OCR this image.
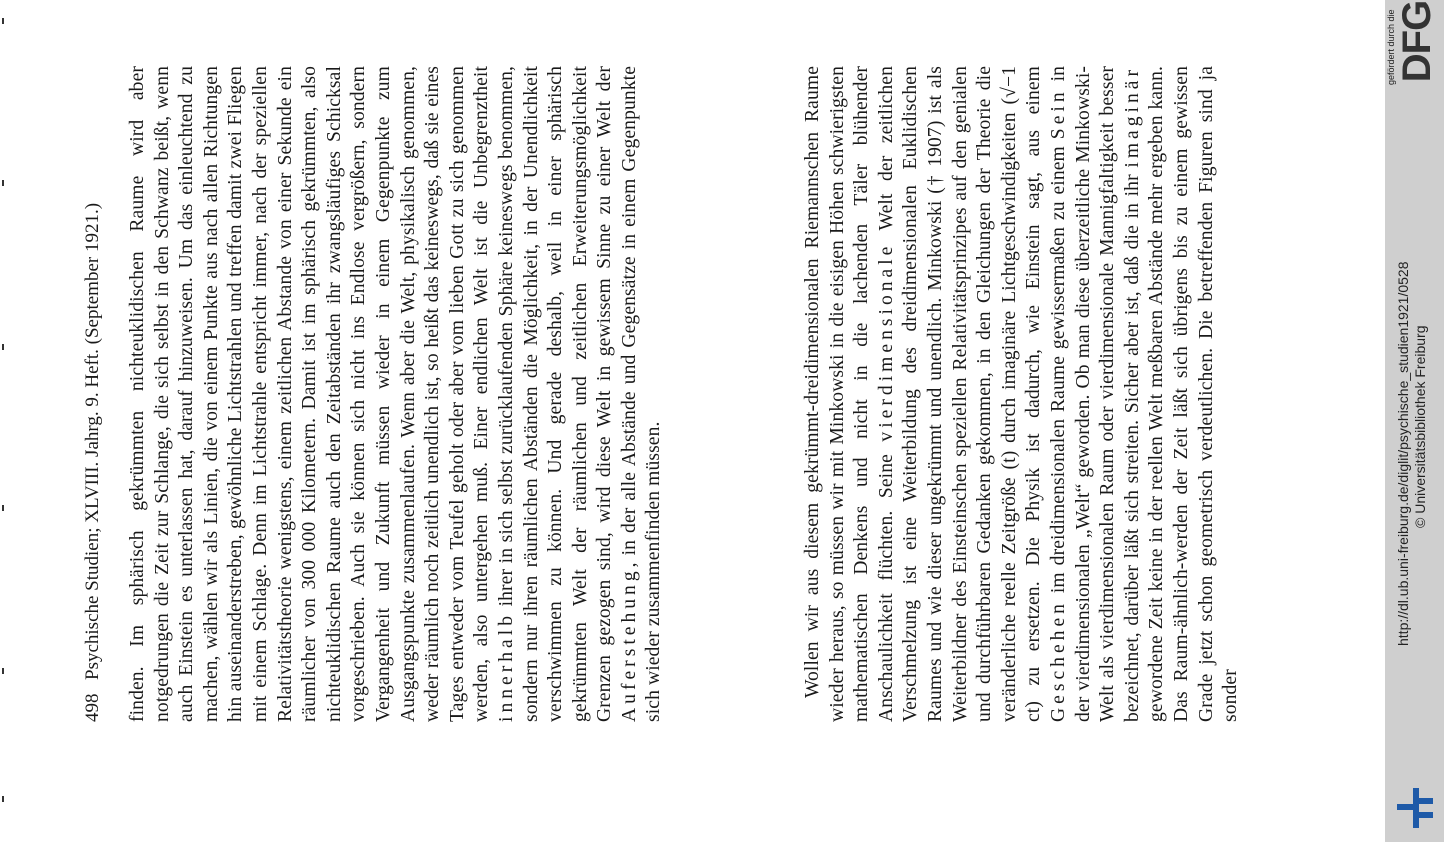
498
Psychische Studien; XLVIII. Jahrg. 9. Heft. (September 1921.) finden. Im sphärisch gekrümmten nichteuklidischen Raume wird aber notgedrungen die Zeit zur Schlange, die sich selbst in den Schwanz beißt, wenn auch Einstein es unterlassen hat, darauf hinzuweisen. Um das einleuchtend zu machen, wählen wir als Linien, die von einem Punkte aus nach allen Richtungen hin auseinanderstreben, gewöhnliche Lichtstrahlen und treffen damit zwei Fliegen mit einem Schlage. Denn im Lichtstrahle entspricht immer, nach der speziellen Relativitätstheorie wenigstens, einem zeitlichen Abstande von einer Sekunde ein räumlicher von 300 000 Kilometern. Damit ist im sphärisch gekrümmten, also nichteuklidischen Raume auch den Zeitabständen ihr zwangsläufiges Schicksal vorgeschrieben. Auch sie können sich nicht ins Endlose vergrößern, sondern Vergangenheit und Zukunft müssen wieder in einem Gegenpunkte zum Ausgangspunkte zusammenlaufen. Wenn aber die Welt, physikalisch genommen, weder räumlich noch zeitlich unendlich ist, so heißt das keineswegs, daß sie eines Tages entweder vom Teufel geholt oder aber vom lieben Gott zu sich genommen werden, also untergehen muß. Einer endlichen Welt ist die Unbegrenztheit innerhalb ihrer in sich selbst zurücklaufenden Sphäre keineswegs benommen, sondern nur ihren räumlichen Abständen die Möglichkeit, in der Unendlichkeit verschwimmen zu können. Und gerade deshalb, weil in einer sphärisch gekrümmten Welt der räumlichen und zeitlichen Erweiterungsmöglichkeit Grenzen gezogen sind, wird diese Welt in gewissem Sinne zu einer Welt der Auferstehung, in der alle Abstände und Gegensätze in einem Gegenpunkte sich wieder zusammenfinden müssen.	Wollen wir aus diesem gekrümmt-dreidimensionalen Riemannschen Raume wieder heraus, so müssen wir mit Minkowski in die eisigen Höhen schwierigsten mathematischen Denkens und nicht in die lachenden Täler blühender Anschaulichkeit flüchten. Seine vierdimensionale Welt der zeitlichen Verschmelzung ist eine Weiterbildung des dreidimensionalen Euklidischen Raumes und wie dieser ungekrümmt und unendlich. Minkowski († 1907) ist als Weiterbildner des Einsteinschen speziellen Relativitätsprinzipes auf den genialen und durchführbaren Gedanken gekommen, in den Gleichungen der Theorie die veränderliche reelle Zeitgröße (t) durch imaginäre Lichtgeschwindigkeiten (√−1 ct) zu ersetzen. Die Physik ist dadurch, wie Einstein sagt, aus einem Geschehen im dreidimensionalen Raume gewissermaßen zu einem Sein in der vierdimensionalen „Welt“ geworden. Ob man diese überzeitliche Minkowski-Welt als vierdimensionalen Raum oder vierdimensionale Mannigfaltigkeit besser bezeichnet, darüber läßt sich streiten. Sicher aber ist, daß die in ihr imaginär gewordene Zeit keine in der reellen Welt meßbaren Abstände mehr ergeben kann. Das Raum-ähnlich-werden der Zeit läßt sich übrigens bis zu einem gewissen Grade jetzt schon geometrisch verdeutlichen. Die betreffenden Figuren sind ja sonder

gefördert durch die DFG
http://dl.ub.uni-freiburg.de/diglit/psychische_studien1921/0528 © Universitätsbibliothek Freiburg
